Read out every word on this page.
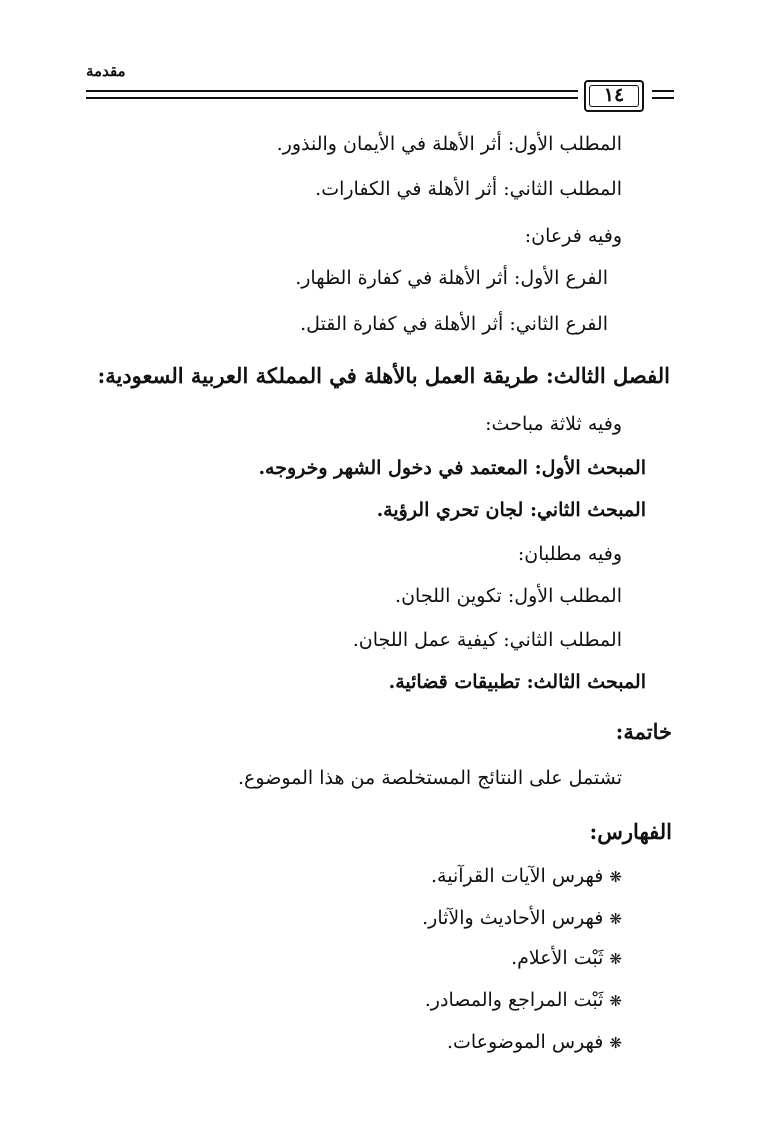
مقدمة
١٤
المطلب الأول: أثر الأهلة في الأيمان والنذور.
المطلب الثاني: أثر الأهلة في الكفارات.
وفيه فرعان:
الفرع الأول: أثر الأهلة في كفارة الظهار.
الفرع الثاني: أثر الأهلة في كفارة القتل.
الفصل الثالث: طريقة العمل بالأهلة في المملكة العربية السعودية:
وفيه ثلاثة مباحث:
المبحث الأول: المعتمد في دخول الشهر وخروجه.
المبحث الثاني: لجان تحري الرؤية.
وفيه مطلبان:
المطلب الأول: تكوين اللجان.
المطلب الثاني: كيفية عمل اللجان.
المبحث الثالث: تطبيقات قضائية.
خاتمة:
تشتمل على النتائج المستخلصة من هذا الموضوع.
الفهارس:
❋ فهرس الآيات القرآنية.
❋ فهرس الأحاديث والآثار.
❋ ثَبْت الأعلام.
❋ ثَبْت المراجع والمصادر.
❋ فهرس الموضوعات.
